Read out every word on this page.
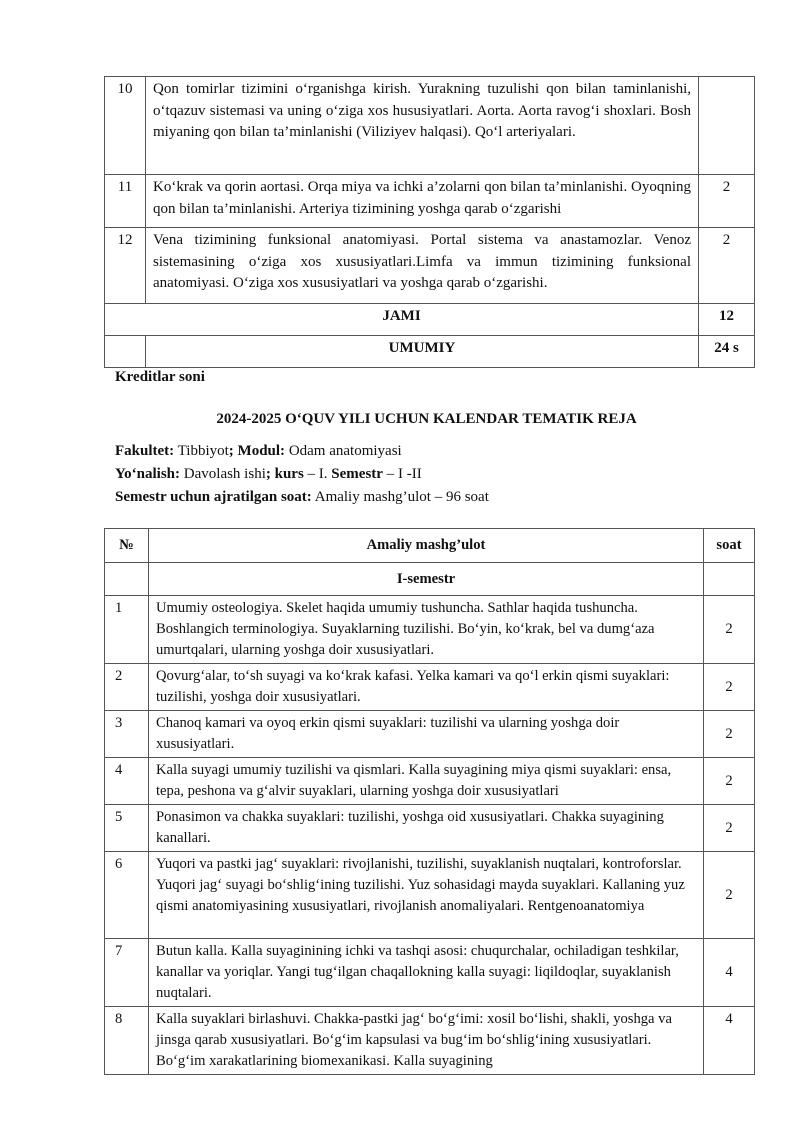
10	Qon tomirlar tizimini o‘rganishga kirish. Yurakning tuzulishi qon bilan taminlanishi, o‘tqazuv sistemasi va uning o‘ziga xos hususiyatlari. Aorta. Aorta ravog‘i shoxlari. Bosh miyaning qon bilan ta’minlanishi (Viliziyev halqasi). Qo‘l arteriyalari.	
11	Ko‘krak va qorin aortasi. Orqa miya va ichki a’zolarni qon bilan ta’minlanishi. Oyoqning qon bilan ta’minlanishi. Arteriya tizimining yoshga qarab o‘zgarishi	2
12	Vena tizimining funksional anatomiyasi. Portal sistema va anastamozlar. Venoz sistemasining o‘ziga xos xususiyatlari.Limfa va immun tizimining funksional anatomiyasi. O‘ziga xos xususiyatlari va yoshga qarab o‘zgarishi.	2
JAMI		12
	UMUMIY	24 s
Kreditlar soni
2024-2025 O‘QUV YILI UCHUN KALENDAR TEMATIK REJA
Fakultet: Tibbiyot; Modul: Odam anatomiyasi
Yo‘nalish: Davolash ishi; kurs – I. Semestr – I -II
Semestr uchun ajratilgan soat: Amaliy mashg’ulot – 96 soat
№	Amaliy mashg’ulot	soat
	I-semestr	
1	Umumiy osteologiya. Skelet haqida umumiy tushuncha. Sathlar haqida tushuncha. Boshlangich terminologiya. Suyaklarning tuzilishi. Bo‘yin, ko‘krak, bel va dumg‘aza umurtqalari, ularning yoshga doir xususiyatlari.	2
2	Qovurg‘alar, to‘sh suyagi va ko‘krak kafasi. Yelka kamari va qo‘l erkin qismi suyaklari: tuzilishi, yoshga doir xususiyatlari.	2
3	Chanoq kamari va oyoq erkin qismi suyaklari: tuzilishi va ularning yoshga doir xususiyatlari.	2
4	Kalla suyagi umumiy tuzilishi va qismlari. Kalla suyagining miya qismi suyaklari: ensa, tepa, peshona va g‘alvir suyaklari, ularning yoshga doir xususiyatlari	2
5	Ponasimon va chakka suyaklari: tuzilishi, yoshga oid xususiyatlari. Chakka suyagining kanallari.	2
6	Yuqori va pastki jag‘ suyaklari: rivojlanishi, tuzilishi, suyaklanish nuqtalari, kontroforslar. Yuqori jag‘ suyagi bo‘shlig‘ining tuzilishi. Yuz sohasidagi mayda suyaklari. Kallaning yuz qismi anatomiyasining xususiyatlari, rivojlanish anomaliyalari. Rentgenoanatomiya	2
7	Butun kalla. Kalla suyaginining ichki va tashqi asosi: chuqurchalar, ochiladigan teshkilar, kanallar va yoriqlar. Yangi tug‘ilgan chaqallokning kalla suyagi: liqildoqlar, suyaklanish nuqtalari.	4
8	Kalla suyaklari birlashuvi. Chakka-pastki jag‘ bo‘g‘imi: xosil bo‘lishi, shakli, yoshga va jinsga qarab xususiyatlari. Bo‘g‘im kapsulasi va bug‘im bo‘shlig‘ining xususiyatlari. Bo‘g‘im xarakatlarining biomexanikasi. Kalla suyagining	4
